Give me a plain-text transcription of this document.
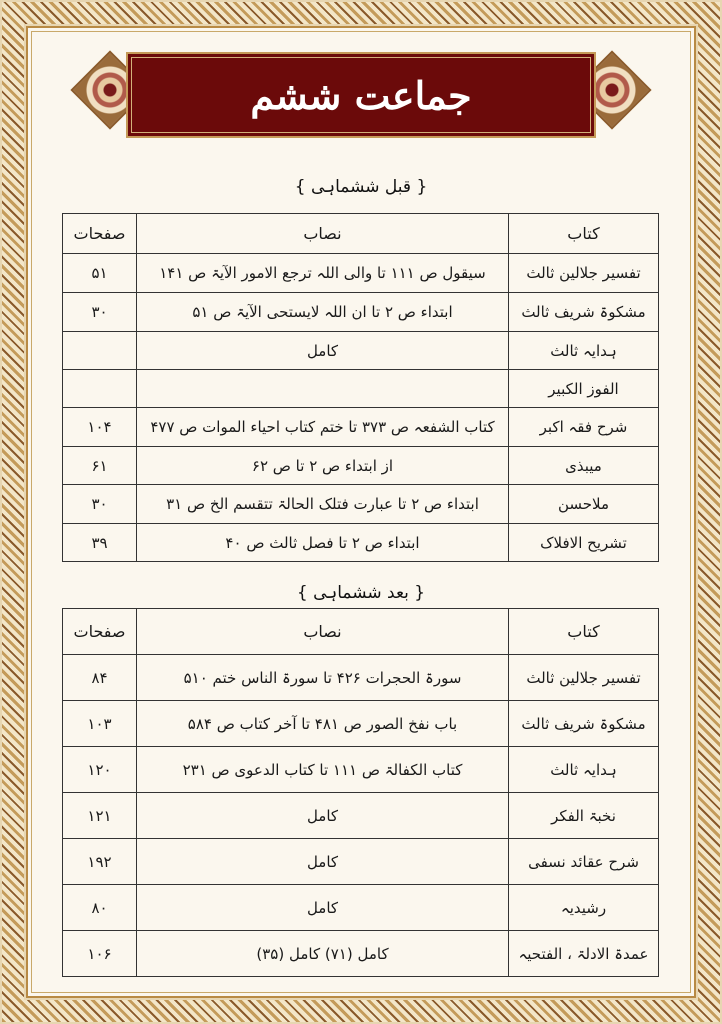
جماعت ششم
{ قبل ششماہی }
کتاب	نصاب	صفحات
تفسیر جلالین ثالث	سیقول ص ۱۱۱ تا والی اللہ ترجع الامور الآیۃ ص ۱۴۱	۵۱
مشکوۃ شریف ثالث	ابتداء ص ۲ تا ان اللہ لایستحی الآیۃ ص ۵۱	۳۰
ہدایہ ثالث	کامل	
الفوز الکبیر		
شرح فقہ اکبر	کتاب الشفعہ ص ۳۷۳ تا ختم کتاب احیاء الموات ص ۴۷۷	۱۰۴
میبذی	از ابتداء ص ۲ تا ص ۶۲	۶۱
ملاحسن	ابتداء ص ۲ تا عبارت فتلک الحالۃ تتقسم الخ ص ۳۱	۳۰
تشریح الافلاک	ابتداء ص ۲ تا فصل ثالث ص ۴۰	۳۹
{ بعد ششماہی }
کتاب	نصاب	صفحات
تفسیر جلالین ثالث	سورۃ الحجرات ۴۲۶ تا سورۃ الناس ختم ۵۱۰	۸۴
مشکوۃ شریف ثالث	باب نفخ الصور ص ۴۸۱ تا آخر کتاب ص ۵۸۴	۱۰۳
ہدایہ ثالث	کتاب الکفالۃ ص ۱۱۱ تا کتاب الدعوی ص ۲۳۱	۱۲۰
نخبۃ الفکر	کامل	۱۲۱
شرح عقائد نسفی	کامل	۱۹۲
رشیدیہ	کامل	۸۰
عمدۃ الادلۃ ، الفتحیہ	کامل (۷۱) کامل (۳۵)	۱۰۶
